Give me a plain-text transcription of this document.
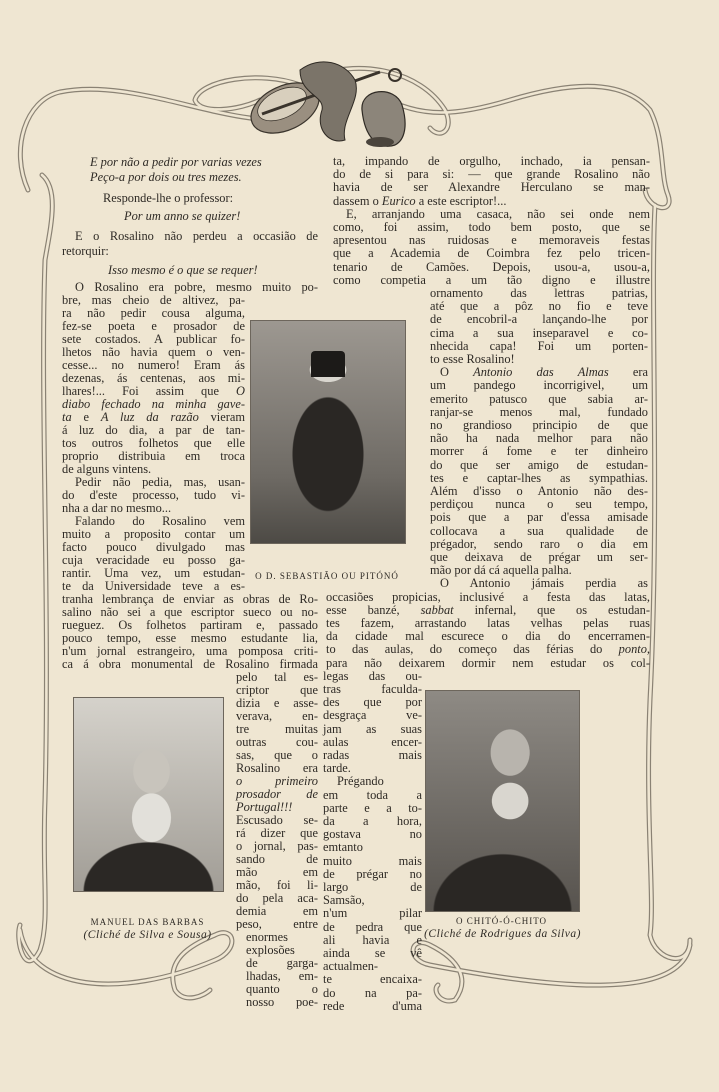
E por não a pedir por varias vezes
Peço-a por dois ou tres mezes.
Responde-lhe o professor:
Por um anno se quizer!
E o Rosalino não perdeu a occasião de
retorquir:
Isso mesmo é o que se requer!
O D. SEBASTIÃO OU PITÓNÓ
MANUEL DAS BARBAS
(Cliché de Silva e Sousa)
O CHITÓ-Ó-CHITO
(Cliché de Rodrigues da Silva)
O Rosalino era pobre, mesmo muito po-
bre, mas cheio de altivez, pa-
ra não pedir cousa alguma,
fez-se poeta e prosador de
sete costados. A publicar fo-
lhetos não havia quem o ven-
cesse... no numero! Eram ás
dezenas, ás centenas, aos mi-
lhares!... Foi assim que O
diabo fechado na minha gave-
ta e A luz da razão vieram
á luz do dia, a par de tan-
tos outros folhetos que elle
proprio distribuia em troca
de alguns vintens.
Pedir não pedia, mas, usan-
do d'este processo, tudo vi-
nha a dar no mesmo...
Falando do Rosalino vem
muito a proposito contar um
facto pouco divulgado mas
cuja veracidade eu posso ga-
rantir. Uma vez, um estudan-
te da Universidade teve a es-
tranha lembrança de enviar as obras de Ro-
salino não sei a que escriptor sueco ou no-
rueguez. Os folhetos partiram e, passado
pouco tempo, esse mesmo estudante lia,
n'um jornal estrangeiro, uma pomposa criti-
ca á obra monumental de Rosalino firmada
pelo tal es-
criptor que
dizia e asse-
verava, en-
tre muitas
outras cou-
sas, que o
Rosalino era
o primeiro
prosador de
Portugal!!!
Escusado se-
rá dizer que
o jornal, pas-
sando de
mão em
mão, foi li-
do pela aca-
demia em
peso, entre
enormes
explosões
de garga-
lhadas, em-
quanto o
nosso poe-
ta, impando de orgulho, inchado, ia pensan-
do de si para si: — que grande Rosalino não
havia de ser Alexandre Herculano se man-
dassem o Eurico a este escriptor!...
E, arranjando uma casaca, não sei onde nem
como, foi assim, todo bem posto, que se
apresentou nas ruidosas e memoraveis festas
que a Academia de Coimbra fez pelo tricen-
tenario de Camões. Depois, usou-a, usou-a,
como competia a um tão digno e illustre
ornamento das lettras patrias,
até que a pôz no fio e teve
de encobril-a lançando-lhe por
cima a sua inseparavel e co-
nhecida capa! Foi um porten-
to esse Rosalino!
O Antonio das Almas era
um pandego incorrigivel, um
emerito patusco que sabia ar-
ranjar-se menos mal, fundado
no grandioso principio de que
não ha nada melhor para não
morrer á fome e ter dinheiro
do que ser amigo de estudan-
tes e captar-lhes as sympathias.
Além d'isso o Antonio não des-
perdiçou nunca o seu tempo,
pois que a par d'essa amisade
collocava a sua qualidade de
prégador, sendo raro o dia em
que deixava de prégar um ser-
mão por dá cá aquella palha.
O Antonio jámais perdia as
occasiões propicias, inclusivé a festa das latas,
esse banzé, sabbat infernal, que os estudan-
tes fazem, arrastando latas velhas pelas ruas
da cidade mal escurece o dia do encerramen-
to das aulas, do começo das férias do ponto,
para não deixarem dormir nem estudar os col-
legas das ou-
tras faculda-
des que por
desgraça ve-
jam as suas
aulas encer-
radas mais
tarde.
Prégando
em toda a
parte e a to-
da a hora,
gostava no
emtanto
muito mais
de prégar no
largo de
Samsão,
n'um pilar
de pedra que
ali havia e
ainda se vê
actualmen-
te encaixa-
do na pa-
rede d'uma
